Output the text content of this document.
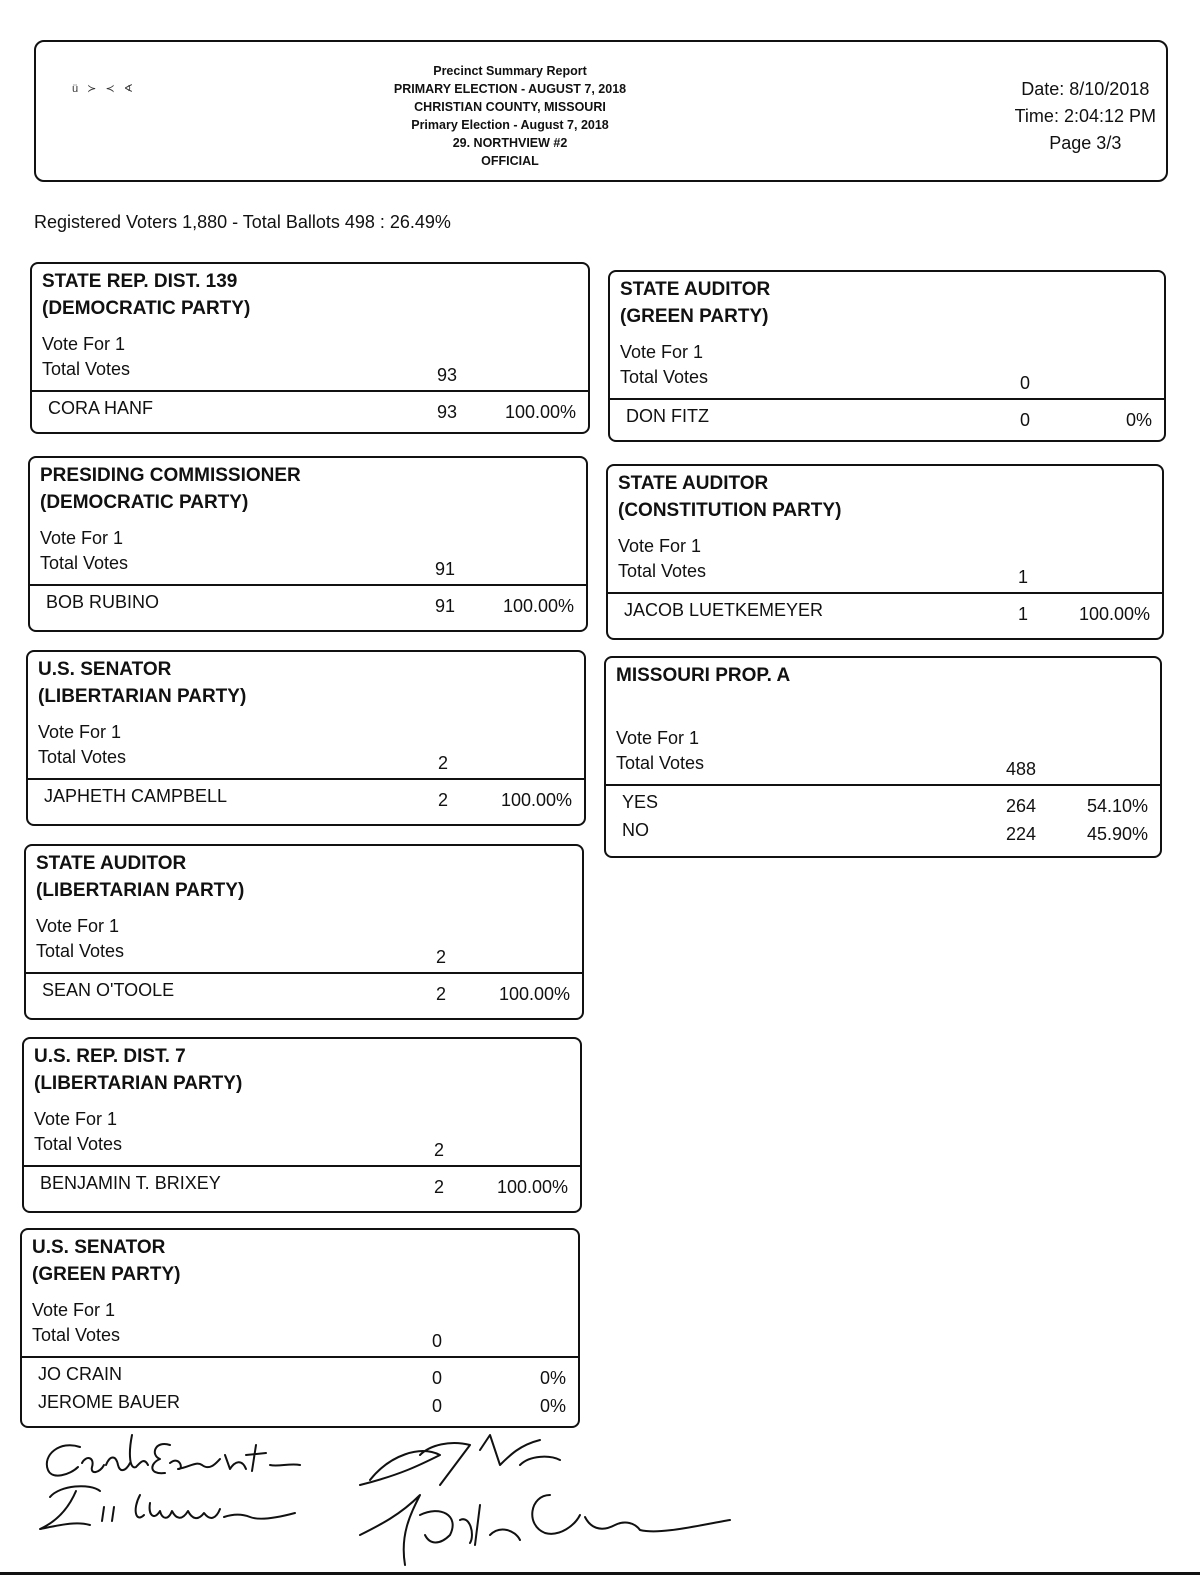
ü ≻ ≺ ∢
Precinct Summary Report
PRIMARY ELECTION - AUGUST 7, 2018
CHRISTIAN COUNTY, MISSOURI
Primary Election - August 7, 2018
29. NORTHVIEW #2
OFFICIAL
Date: 8/10/2018
Time: 2:04:12 PM
Page 3/3
Registered Voters 1,880 - Total Ballots 498 : 26.49%
STATE REP. DIST. 139
(DEMOCRATIC PARTY)
Vote For 1
Total Votes	93
CORA HANF	93	100.00%
PRESIDING COMMISSIONER
(DEMOCRATIC PARTY)
Vote For 1
Total Votes	91
BOB RUBINO	91	100.00%
U.S. SENATOR
(LIBERTARIAN PARTY)
Vote For 1
Total Votes	2
JAPHETH CAMPBELL	2	100.00%
STATE AUDITOR
(LIBERTARIAN PARTY)
Vote For 1
Total Votes	2
SEAN O'TOOLE	2	100.00%
U.S. REP. DIST. 7
(LIBERTARIAN PARTY)
Vote For 1
Total Votes	2
BENJAMIN T. BRIXEY	2	100.00%
U.S. SENATOR
(GREEN PARTY)
Vote For 1
Total Votes	0
JO CRAIN	0	0%
JEROME BAUER	0	0%
STATE AUDITOR
(GREEN PARTY)
Vote For 1
Total Votes	0
DON FITZ	0	0%
STATE AUDITOR
(CONSTITUTION PARTY)
Vote For 1
Total Votes	1
JACOB LUETKEMEYER	1	100.00%
MISSOURI PROP. A
Vote For 1
Total Votes	488
YES	264	54.10%
NO	224	45.90%
